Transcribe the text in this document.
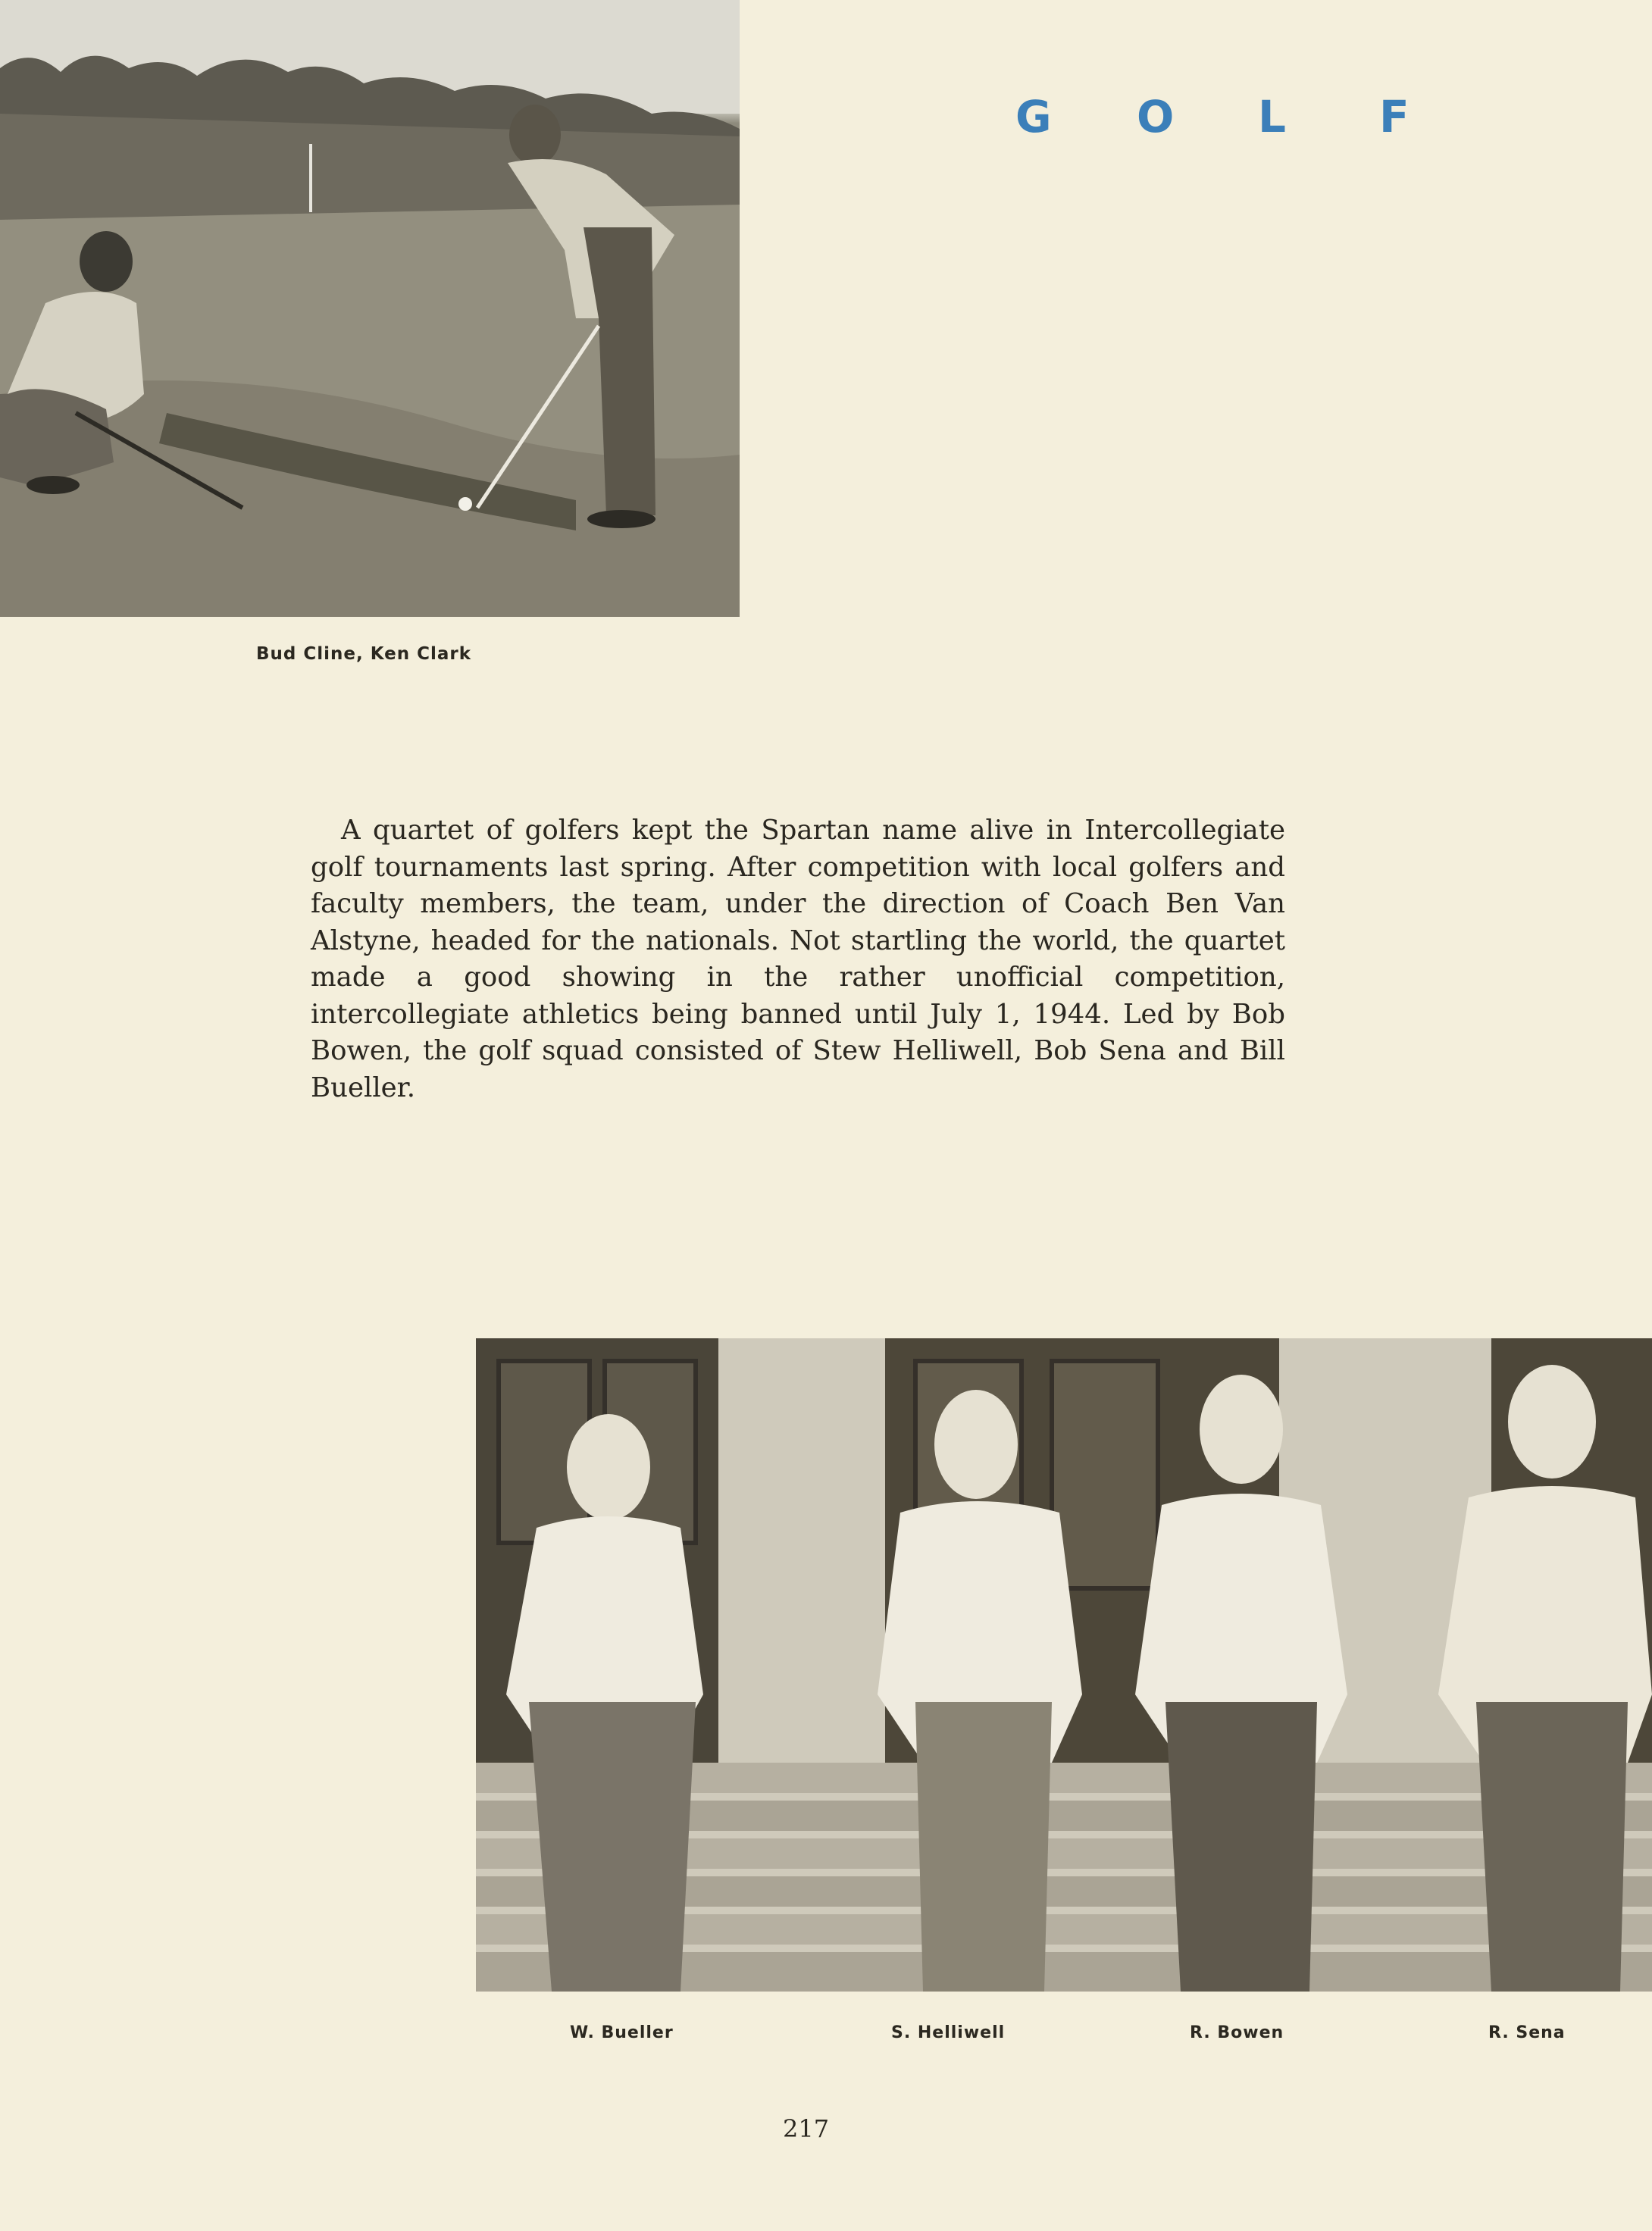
Bud Cline, Ken Clark
G O L F
A quartet of golfers kept the Spartan name alive in Intercollegiate golf tournaments last spring. After competition with local golfers and faculty members, the team, under the direction of Coach Ben Van Alstyne, headed for the nationals. Not startling the world, the quartet made a good showing in the rather unofficial competition, intercollegiate athletics being banned until July 1, 1944. Led by Bob Bowen, the golf squad consisted of Stew Helliwell, Bob Sena and Bill Bueller.
W. Bueller	S. Helliwell	R. Bowen	R. Sena
217
